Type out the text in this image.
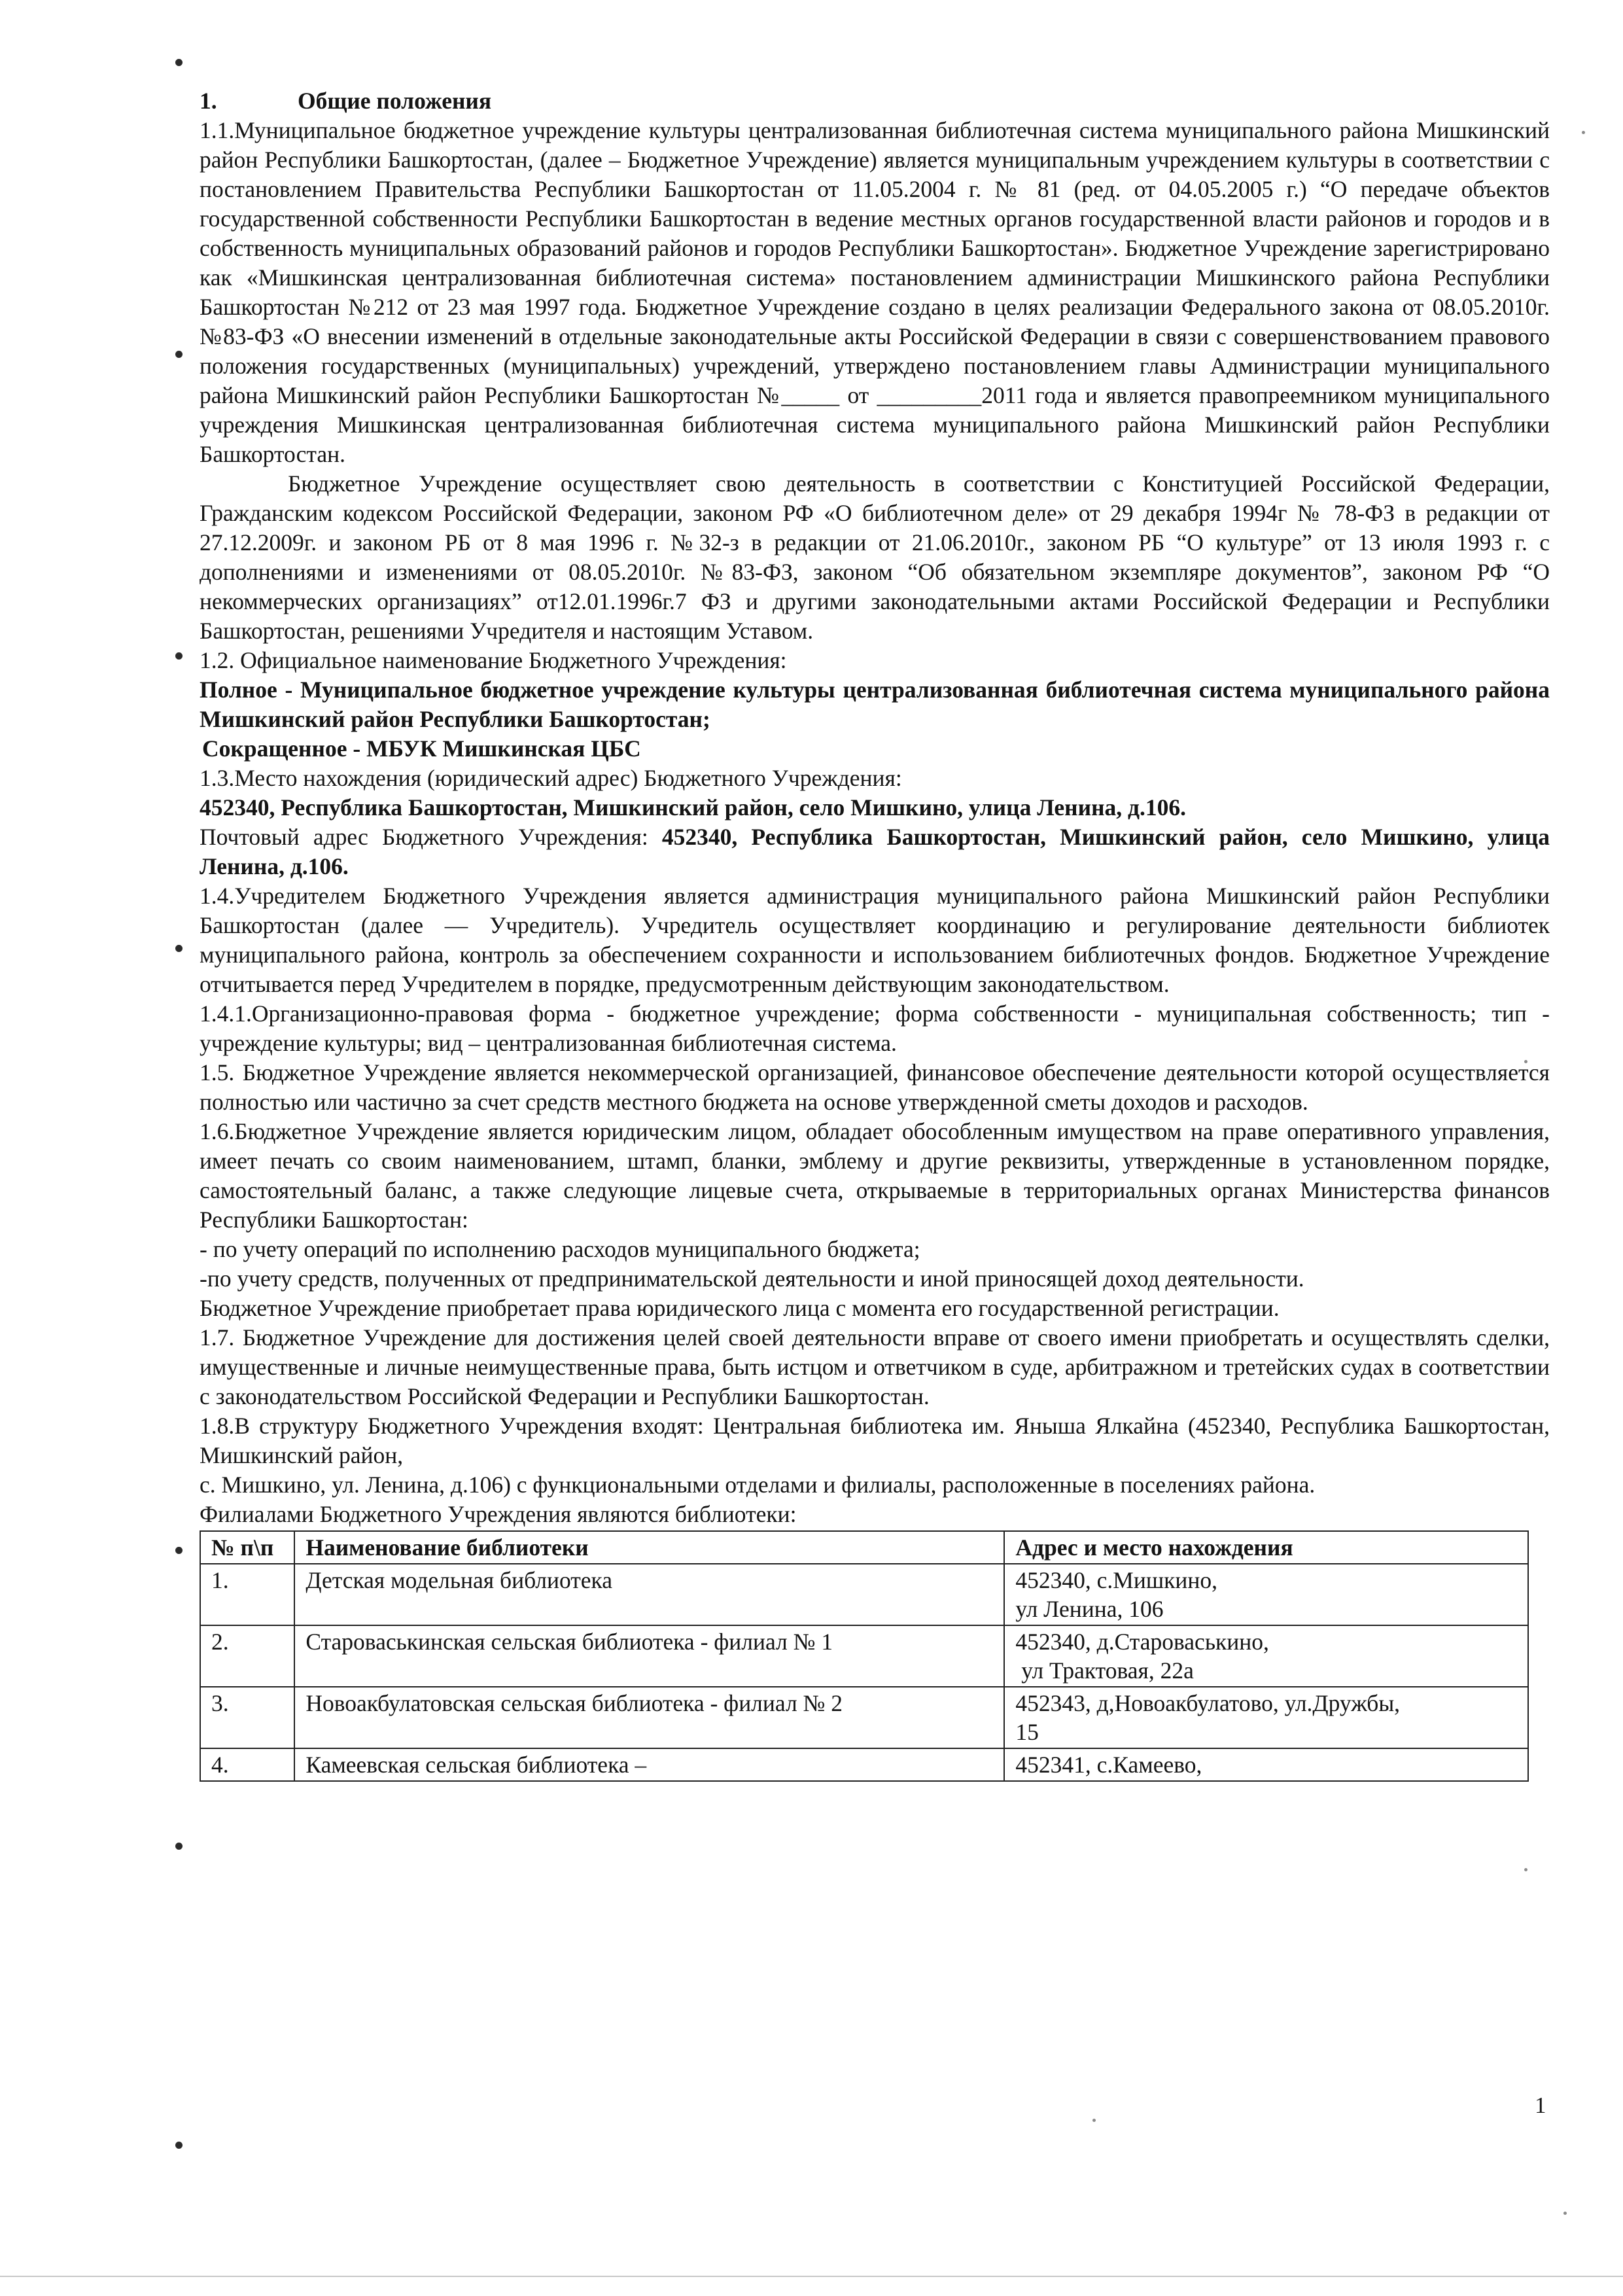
1.	Общие положения

1.1.Муниципальное бюджетное учреждение культуры централизованная библиотечная система муниципального района Мишкинский район Республики Башкортостан, (далее – Бюджетное Учреждение) является муниципальным учреждением культуры в соответствии с постановлением Правительства Республики Башкортостан от 11.05.2004 г. № 81 (ред. от 04.05.2005 г.) “О передаче объектов государственной собственности Республики Башкортостан в ведение местных органов государственной власти районов и городов и в собственность муниципальных образований районов и городов Республики Башкортостан». Бюджетное Учреждение зарегистрировано как «Мишкинская централизованная библиотечная система» постановлением администрации Мишкинского района Республики Башкортостан №212 от 23 мая 1997 года. Бюджетное Учреждение создано в целях реализации Федерального закона от 08.05.2010г. №83-ФЗ «О внесении изменений в отдельные законодательные акты Российской Федерации в связи с совершенствованием правового положения государственных (муниципальных) учреждений, утверждено постановлением главы Администрации муниципального района Мишкинский район Республики Башкортостан №_____ от _________2011 года и является правопреемником муниципального учреждения Мишкинская централизованная библиотечная система муниципального района Мишкинский район Республики Башкортостан.

Бюджетное Учреждение осуществляет свою деятельность в соответствии с Конституцией Российской Федерации, Гражданским кодексом Российской Федерации, законом РФ «О библиотечном деле» от 29 декабря 1994г № 78-ФЗ в редакции от 27.12.2009г. и законом РБ от 8 мая 1996 г. №32-з в редакции от 21.06.2010г., законом РБ “О культуре” от 13 июля 1993 г. с дополнениями и изменениями от 08.05.2010г. №83-ФЗ, законом “Об обязательном экземпляре документов”, законом РФ “О некоммерческих организациях” от12.01.1996г.7 ФЗ и другими законодательными актами Российской Федерации и Республики Башкортостан, решениями Учредителя и настоящим Уставом.

1.2. Официальное наименование Бюджетного Учреждения:

Полное - Муниципальное бюджетное учреждение культуры централизованная библиотечная система муниципального района Мишкинский район Республики Башкортостан;

Сокращенное - МБУК Мишкинская ЦБС

1.3.Место нахождения (юридический адрес) Бюджетного Учреждения:

452340, Республика Башкортостан, Мишкинский район, село Мишкино, улица Ленина, д.106.

Почтовый адрес Бюджетного Учреждения: 452340, Республика Башкортостан, Мишкинский район, село Мишкино, улица Ленина, д.106.

1.4.Учредителем Бюджетного Учреждения является администрация муниципального района Мишкинский район Республики Башкортостан (далее — Учредитель). Учредитель осуществляет координацию и регулирование деятельности библиотек муниципального района, контроль за обеспечением сохранности и использованием библиотечных фондов. Бюджетное Учреждение отчитывается перед Учредителем в порядке, предусмотренным действующим законодательством.

1.4.1.Организационно-правовая форма - бюджетное учреждение; форма собственности - муниципальная собственность; тип - учреждение культуры; вид – централизованная библиотечная система.

1.5. Бюджетное Учреждение является некоммерческой организацией, финансовое обеспечение деятельности которой осуществляется полностью или частично за счет средств местного бюджета на основе утвержденной сметы доходов и расходов.

1.6.Бюджетное Учреждение является юридическим лицом, обладает обособленным имуществом на праве оперативного управления, имеет печать со своим наименованием, штамп, бланки, эмблему и другие реквизиты, утвержденные в установленном порядке, самостоятельный баланс, а также следующие лицевые счета, открываемые в территориальных органах Министерства финансов Республики Башкортостан:

- по учету операций по исполнению расходов муниципального бюджета;

-по учету средств, полученных от предпринимательской деятельности и иной приносящей доход деятельности.

Бюджетное Учреждение приобретает права юридического лица с момента его государственной регистрации.

1.7. Бюджетное Учреждение для достижения целей своей деятельности вправе от своего имени приобретать и осуществлять сделки, имущественные и личные неимущественные права, быть истцом и ответчиком в суде, арбитражном и третейских судах в соответствии с законодательством Российской Федерации и Республики Башкортостан.

1.8.В структуру Бюджетного Учреждения входят: Центральная библиотека им. Яныша Ялкайна (452340, Республика Башкортостан, Мишкинский район,

с. Мишкино, ул. Ленина, д.106) с функциональными отделами и филиалы, расположенные в поселениях района.

Филиалами Бюджетного Учреждения являются библиотеки:

№ п\п	Наименование библиотеки	Адрес и место нахождения
1.	Детская модельная библиотека	452340, с.Мишкино,
ул Ленина, 106

2.	Староваськинская сельская библиотека - филиал № 1	452340, д.Староваськино,
ул Трактовая, 22а

3.	Новоакбулатовская сельская библиотека - филиал № 2	452343, д,Новоакбулатово, ул.Дружбы,
15

4.	Камеевская сельская библиотека –	452341, с.Камеево,
1
